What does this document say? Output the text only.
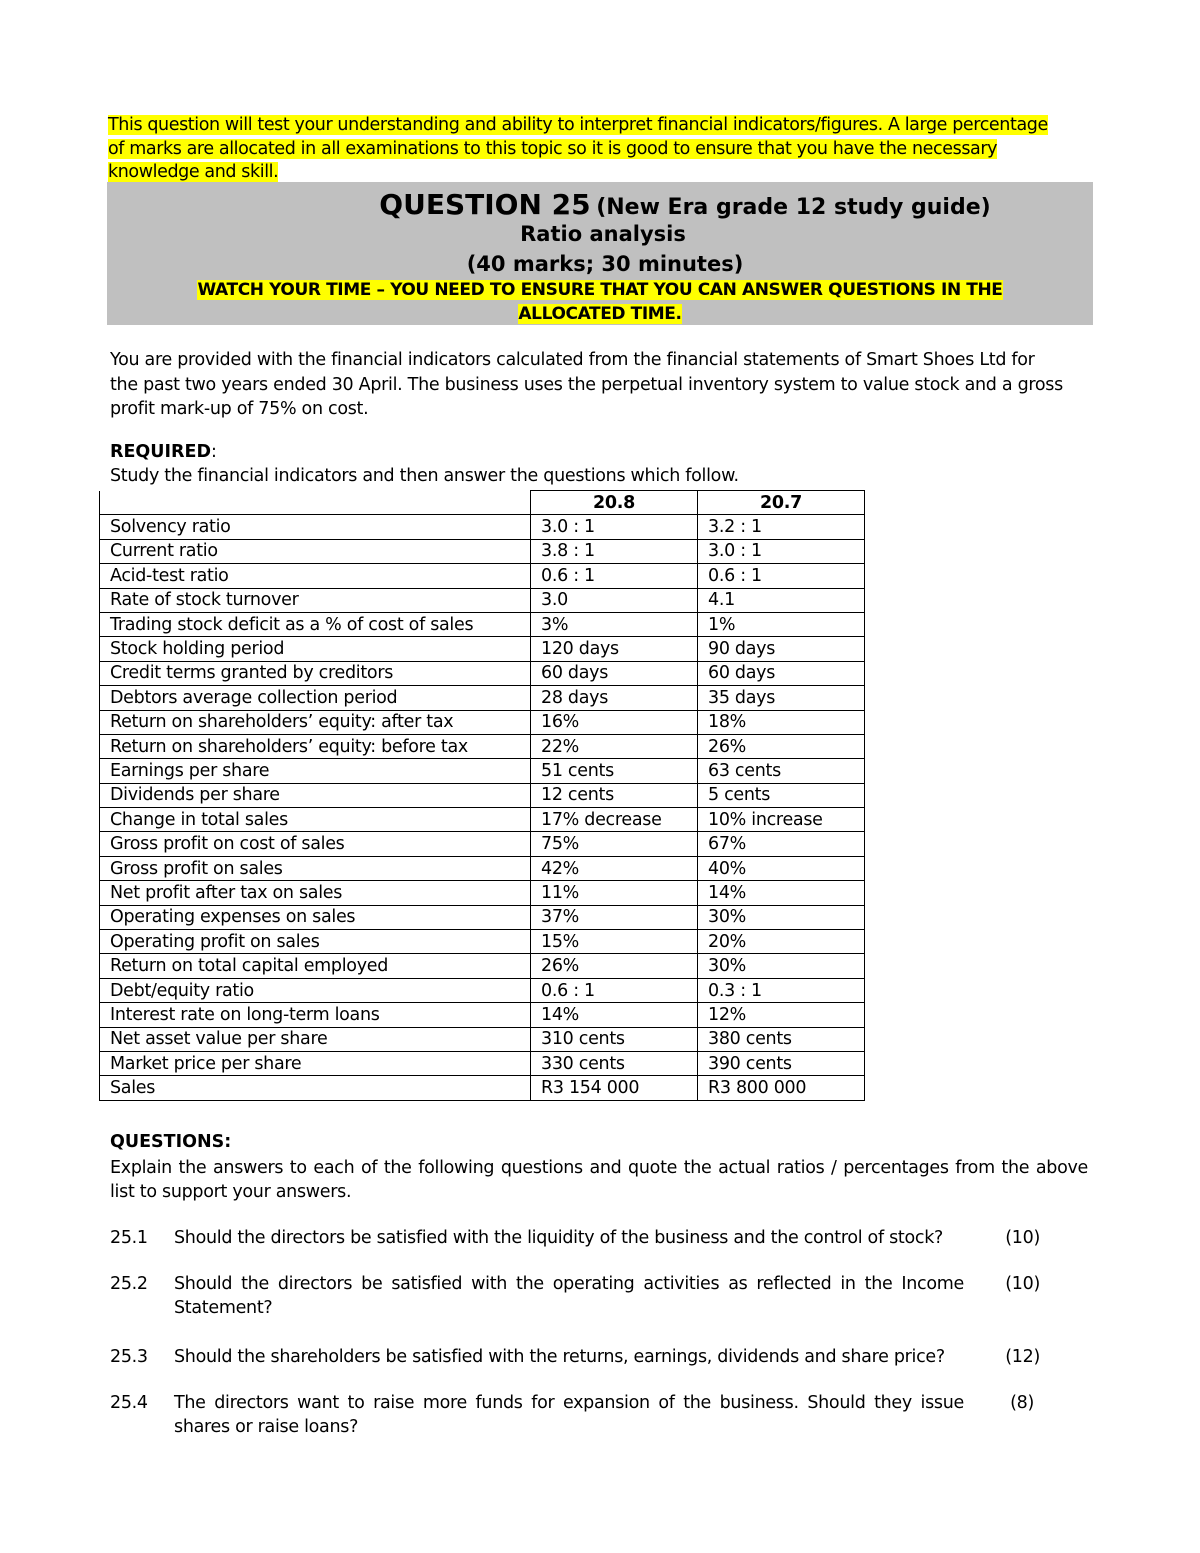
This question will test your understanding and ability to interpret financial indicators/figures. A large percentage
of marks are allocated in all examinations to this topic so it is good to ensure that you have the necessary
knowledge and skill.
QUESTION 25 (New Era grade 12 study guide)
Ratio analysis
(40 marks; 30 minutes)
WATCH YOUR TIME – YOU NEED TO ENSURE THAT YOU CAN ANSWER QUESTIONS IN THE
ALLOCATED TIME.
You are provided with the financial indicators calculated from the financial statements of Smart Shoes Ltd for
the past two years ended 30 April. The business uses the perpetual inventory system to value stock and a gross
profit mark-up of 75% on cost.
REQUIRED:
Study the financial indicators and then answer the questions which follow.
	20.8	20.7
Solvency ratio	3.0 : 1	3.2 : 1
Current ratio	3.8 : 1	3.0 : 1
Acid-test ratio	0.6 : 1	0.6 : 1
Rate of stock turnover	3.0	4.1
Trading stock deficit as a % of cost of sales	3%	1%
Stock holding period	120 days	90 days
Credit terms granted by creditors	60 days	60 days
Debtors average collection period	28 days	35 days
Return on shareholders’ equity: after tax	16%	18%
Return on shareholders’ equity: before tax	22%	26%
Earnings per share	51 cents	63 cents
Dividends per share	12 cents	5 cents
Change in total sales	17% decrease	10% increase
Gross profit on cost of sales	75%	67%
Gross profit on sales	42%	40%
Net profit after tax on sales	11%	14%
Operating expenses on sales	37%	30%
Operating profit on sales	15%	20%
Return on total capital employed	26%	30%
Debt/equity ratio	0.6 : 1	0.3 : 1
Interest rate on long-term loans	14%	12%
Net asset value per share	310 cents	380 cents
Market price per share	330 cents	390 cents
Sales	R3 154 000	R3 800 000
QUESTIONS:
Explain the answers to each of the following questions and quote the actual ratios / percentages from the above list to support your answers.
25.1 Should the directors be satisfied with the liquidity of the business and the control of stock?	(10)
25.2 Should the directors be satisfied with the operating activities as reflected in the Income Statement?
(10)
25.3 Should the shareholders be satisfied with the returns, earnings, dividends and share price?	(12)
25.4 The directors want to raise more funds for expansion of the business. Should they issue shares or raise loans?
(8)
